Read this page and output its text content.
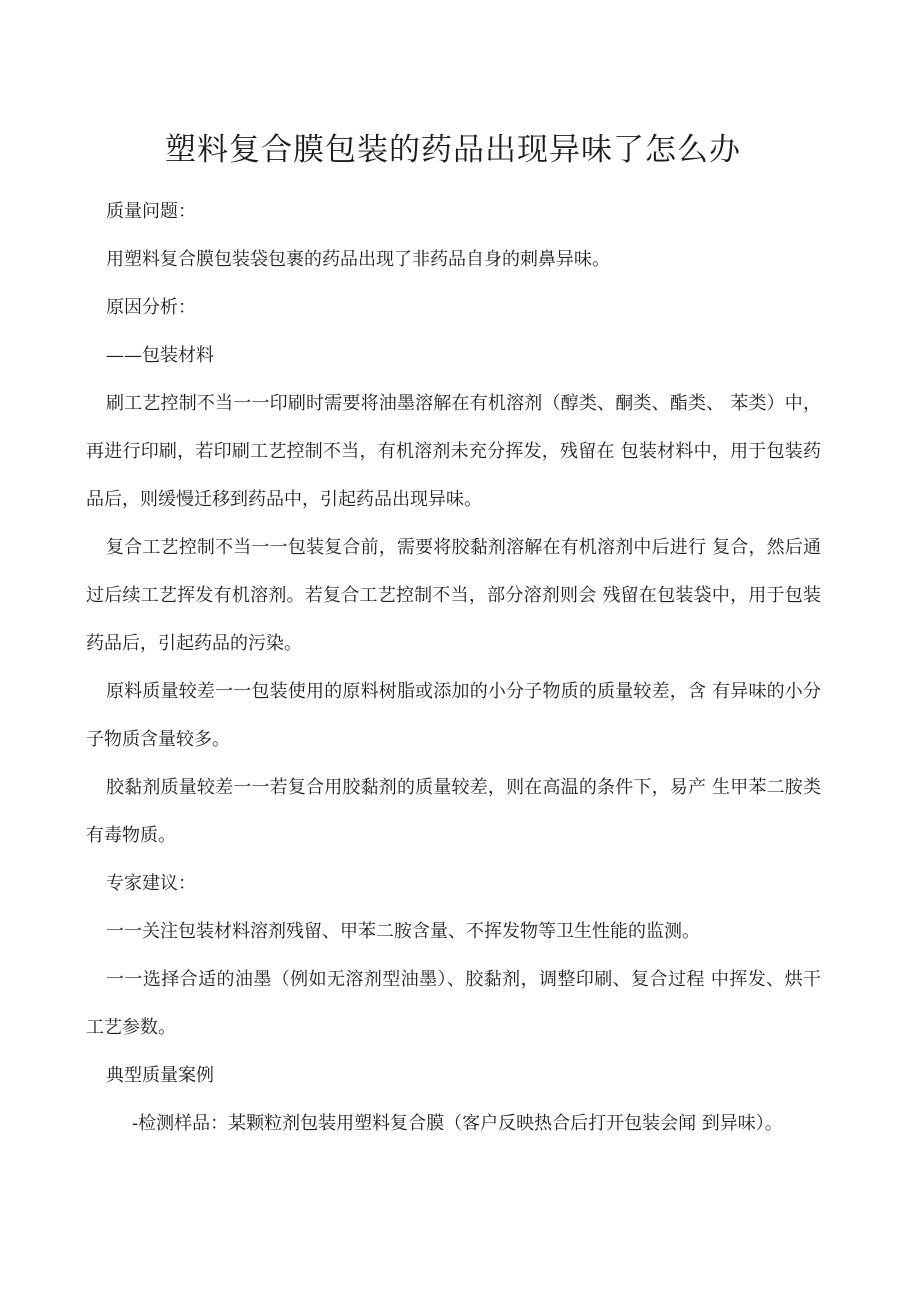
塑料复合膜包装的药品出现异味了怎么办

质量问题：

用塑料复合膜包装袋包裹的药品出现了非药品自身的刺鼻异味。

原因分析：

——包装材料

刷工艺控制不当一一印刷时需要将油墨溶解在有机溶剂（醇类、酮类、酯类、 苯类）中，再进行印刷，若印刷工艺控制不当，有机溶剂未充分挥发，残留在 包装材料中，用于包装药品后，则缓慢迁移到药品中，引起药品出现异味。

复合工艺控制不当一一包装复合前，需要将胶黏剂溶解在有机溶剂中后进行 复合，然后通过后续工艺挥发有机溶剂。若复合工艺控制不当，部分溶剂则会 残留在包装袋中，用于包装药品后，引起药品的污染。

原料质量较差一一包装使用的原料树脂或添加的小分子物质的质量较差，含 有异味的小分子物质含量较多。

胶黏剂质量较差一一若复合用胶黏剂的质量较差，则在高温的条件下，易产 生甲苯二胺类有毒物质。

专家建议：

一一关注包装材料溶剂残留、甲苯二胺含量、不挥发物等卫生性能的监测。

一一选择合适的油墨（例如无溶剂型油墨）、胶黏剂，调整印刷、复合过程 中挥发、烘干工艺参数。

典型质量案例

-检测样品：某颗粒剂包装用塑料复合膜（客户反映热合后打开包装会闻 到异味）。
